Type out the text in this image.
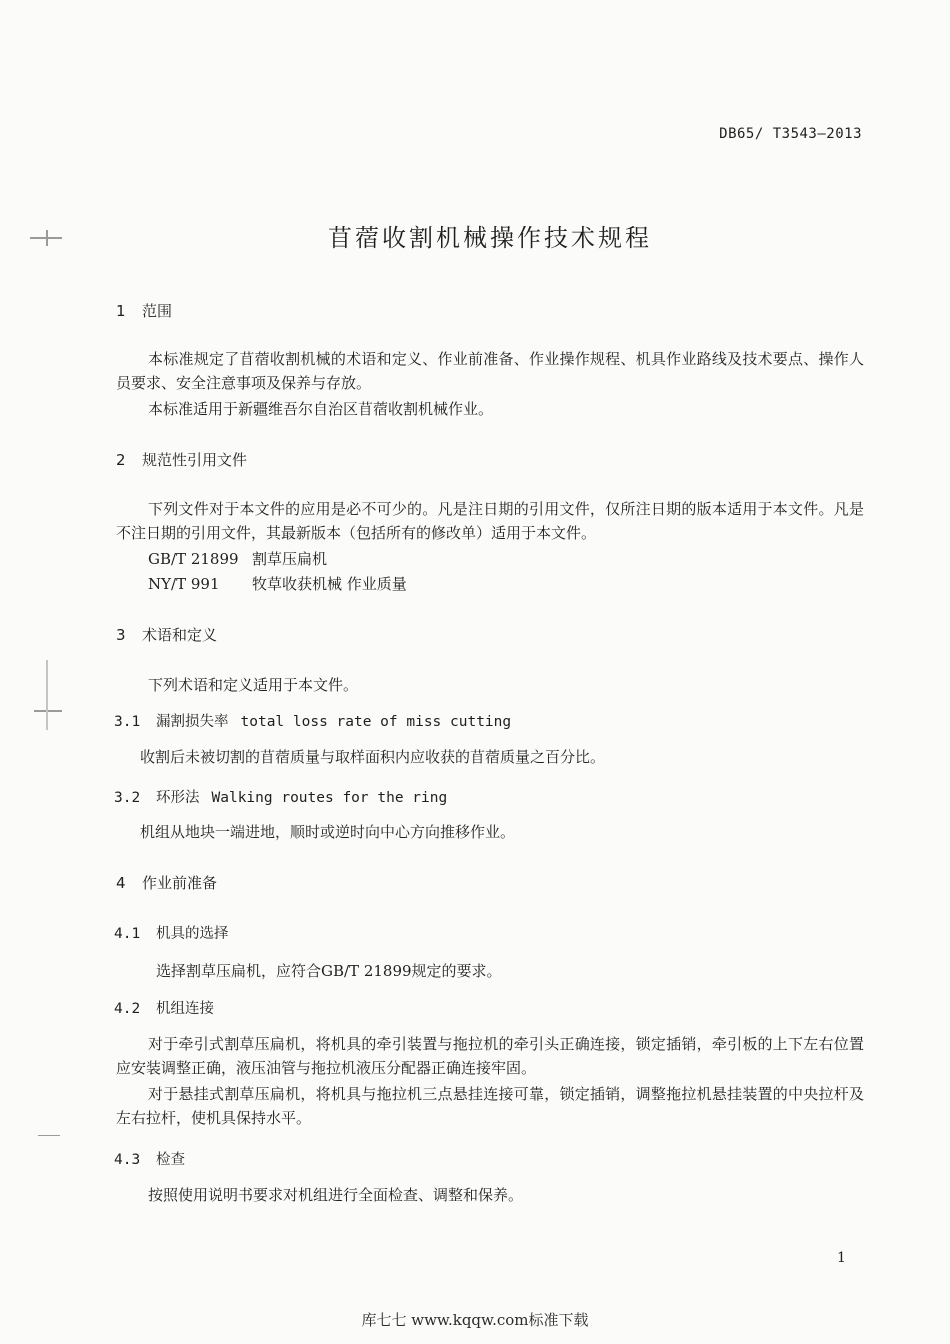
DB65/ T3543—2013
苜蓿收割机械操作技术规程
1 范围
本标准规定了苜蓿收割机械的术语和定义、作业前准备、作业操作规程、机具作业路线及技术要点、操作人员要求、安全注意事项及保养与存放。
本标准适用于新疆维吾尔自治区苜蓿收割机械作业。
2 规范性引用文件
下列文件对于本文件的应用是必不可少的。凡是注日期的引用文件，仅所注日期的版本适用于本文件。凡是不注日期的引用文件，其最新版本（包括所有的修改单）适用于本文件。
GB/T 21899 割草压扁机
NY/T 991 牧草收获机械 作业质量
3 术语和定义
下列术语和定义适用于本文件。
3.1 漏割损失率 total loss rate of miss cutting
收割后未被切割的苜蓿质量与取样面积内应收获的苜蓿质量之百分比。
3.2 环形法 Walking routes for the ring
机组从地块一端进地，顺时或逆时向中心方向推移作业。
4 作业前准备
4.1 机具的选择
选择割草压扁机，应符合GB/T 21899规定的要求。
4.2 机组连接
对于牵引式割草压扁机，将机具的牵引装置与拖拉机的牵引头正确连接，锁定插销，牵引板的上下左右位置应安装调整正确，液压油管与拖拉机液压分配器正确连接牢固。
对于悬挂式割草压扁机，将机具与拖拉机三点悬挂连接可靠，锁定插销，调整拖拉机悬挂装置的中央拉杆及左右拉杆，使机具保持水平。
4.3 检查
按照使用说明书要求对机组进行全面检查、调整和保养。
1
库七七 www.kqqw.com标准下载
